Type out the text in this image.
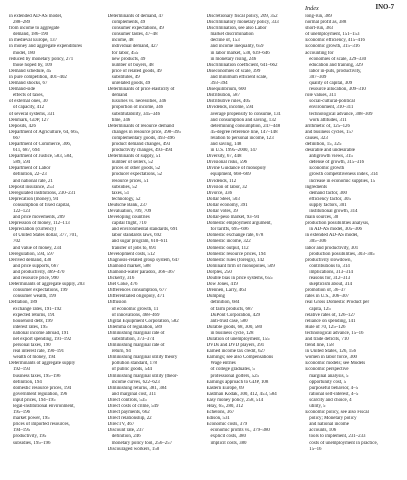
Index	INO-7
in extended AD-AS model,
288–289
from income to aggregate
demand, 186–190
in medieval Europe, 137
in money and aggregate expenditures
model, 180
reduced by monetary policy, 271
those hoped by, 109
Demand schedule, 45
in pure competition, 401–402
Demand shocks, 67
Demand-side
effects of taxes,
of external ones, 30
of capacity, 412
of several systems, 331
Denmark, GDP, 127
Deposits, 426
Department of Agriculture, 64, 665,
667
Department of Commerce, 306,
611, 687, 694
Department of Justice, 583, 584,
589, 594
Department of Labor
definition, 22–23
and national rate, 21
Deposit insurance, 253
Deregulated institutions, 230–231
Deprecation (money), 94
consumption of fixed capital,
122–123
and price movements, 209
Depression of money, 112–113
Depreciation (currency)
of United States dollar, 377, 701,
702
and value of money, 234
Deregulation, 594, 597
Derived demand, 430
and price supports, 667
and productivity, 469–470
and resource price, 990
Determinants of aggregate supply, 203
consumer expectations, 199
consumer wealth, 199
Deflation, 189
exchange rates, 191–192
expected returns, 191
household debt, 199
interest rates, 195
national income abroad, 191
net export spending, 191–192
personal taxes, 190
real interest rate, 190–191
wealth of money, 194
Determinants of aggregate supply
192–193
business taxes, 195–196
definition, 194
domestic resource prices, 194
government regulation, 196
input prices, 194–195
legal-institutional environment,
195–196
market power, 195
prices of imported resources,
194–195
productivity, 195
subsidies, 195–196
Determinants of demand, 47
complements, 49
consumer expectations, 49
consumer tastes, 47–48
income, 48
individual demand, 427
for labor, 455
new products, 49
number of buyers, 48
price of related goods, 49
substitutes, 49
unrelated goods, 49
Determinants of price elasticity of
demand
luxuries vs. necessities, 346
proportion of income, 346
substitutability, 345–346
time, 346
Determinants of resource demand
changes in resource price, 398–395
complementary goods, 493–496
product demand changes, 493
productivity changes, 493–494
Determinants of supply, 51
number of sellers, 52
prices of other goods, 52
producer expectations, 52
resource prices, 51
subsidies, 52
taxes, 51
technology, 52
Deutsche Bank, 237
Devaluation, 709, 709
Developing countries
capital flight, 710
and environmental standards, 691
labor standards laws, 692
and sugar program, 610–611
transfer of jobs to, 691
Development costs, 512
Diagnosis-related group system, 647
Diamond market, 588
Diamond-water paradox, 366–367
Dickerly, 316
Diet Coke, 476
Differences consumption, 677
Differentiated oligopoly, 471
Diffusion
of economic growth, 11
of innovations, 468–469
Digital Equipment Corporation, 582
Dilemma of regulation, 589
Diminishing marginal rate of
substitution, 373–374
Diminishing marginal rate of
return, 94
Diminishing marginal utility theory
pollution standard, 178
of public goods, 544
Diminishing marginal utility (theor-
income curves, 622–623
Diminishing returns, 381, 384
and marginal cost, 311
Direct controls, 535
Direct costs of crime, 549
Direct payments, 662
Direct relationship, 22
DirecTV, 467
Discount rate, 237
definition, 246
monetary policy tool, 256–257
Discouraged workers, 150
Discretionary fiscal policy, 209, 352
Discriminatory monetary policy, 333
Discrimination, see also Labor
market discrimination
decline of, 153
and income inequality, 659
in labor market, 538, 639–646
in monetary rising, 246
Discrimination coefficient, 641–662
Diseconomies of scale, 399
and minimum efficient scale,
393–394
Disequilibrium, 600
Distribution, 587
Distributive rules, 405
Dividends, income, 594
average propensity to consume, 131
and consumption and saving, 132
determining consumption, 247–448
45-degree reference line, 147–148
relation to personal income, 123
and saving, 148
in U.S. 1995–2000, 147
Diversity, 67, 448
Divisional risks, 596
Divine Guidance of monopoly
equipment, 668–669
Dividends, 112
Division of labor, 32
Divorce, 336
Dollar Steel, 503
Dollar economy, 391
Dollar votes, 39
Dollar-peso market, 93–94
Domestic employment argument,
for tariffs, 695–696
Domestic exchange rate, 678
Domestic income, 322
Domestic output, 112
Domestic resource prices, 194
Domestic rules (foreign), 142
Dominant firm of monopolies, 509
Dorples, 250
Double bias in price systems, 655
Dow Jones, 419
Drennen, Larry, 463
Dumping
definition, 684
of farm products, 687
DuPont Corporation, 429
anti-trust case, 580
Durable goods, 68, 300, 580
in business cycle, 128
Duration of unemployment, 155
DVDs and DVD players, 391
Earned income tax credit, 627
Earnings; see also Compensations
Wage entries
of college graduates, 5
professional golfers, 525
Earnings approach to GDP, 108
Eastern Europe, 69
Eastman Kodak, 300, 412, 453, 584
Easy money policy, 258, 514
eBay, 65, 280, 312
Echelons, 367
Edison, 531
Economic costs, 379
economic profits vs., 379–380
explicit costs, 380
implicit costs, 380
long-run, 389
normal profit as, 388
short-run, 383
of unemployment, 151–153
Economic efficiency, 415–416
Economic growth, 315–316
accounting for
economies of scale, 329–330
education and training, 329
labor in-puts, productivity,
307–309
quality of capital, 309
resource allocation, 309–310
role values, 311
social-cultural-political
environment, 310–311
technological advance, 308–309
work attitudes, 311
arithmetic of, 125–126
and business cycles, 157
causes, 323
definition, 15, 325
desirable and undesirable
antigrowth views, 315
defense of growth, 315–316
Economic growth
growth competitiveness index, 314
increase in economic supplies, 15
ingredients
demand factor, 300
efficiency factor, 305
supply factors, 301
institutional growth, 314
main sources, 30
production possibilities analysis,
in AD-AS model, 305–306
in extended AD-AS model,
305–306
labor and productivity, 301
production possibilities, 303–305
productivity slowdown,
contributions to, 314
implications, 313–314
reasons for, 312–313
skepticism about, 314
promotion of, 36–37
rates in U.S., 306–307
real Gross Domestic Product per
capita, 125
relative rates of, 126–127
reliance on spending, 141
Rule of 70, 125–126
technological advance, 15–16
and trade deficits, 710
trend line, 158
in United States, 126, 156
women in labor force, 300
Economic models; see Models
Economic perspective
marginal analysis, 5
opportunity cost, 5
purposeful behavior, 4–5
rational self-interest, 4–5
scarcity and choice, 4
utility, 5
Economic policy, see also Fiscal
policy; Monetary policy
and national income
accounts, 106
tools to implement, 231–233
costs of unemployment in practice,
15–16
